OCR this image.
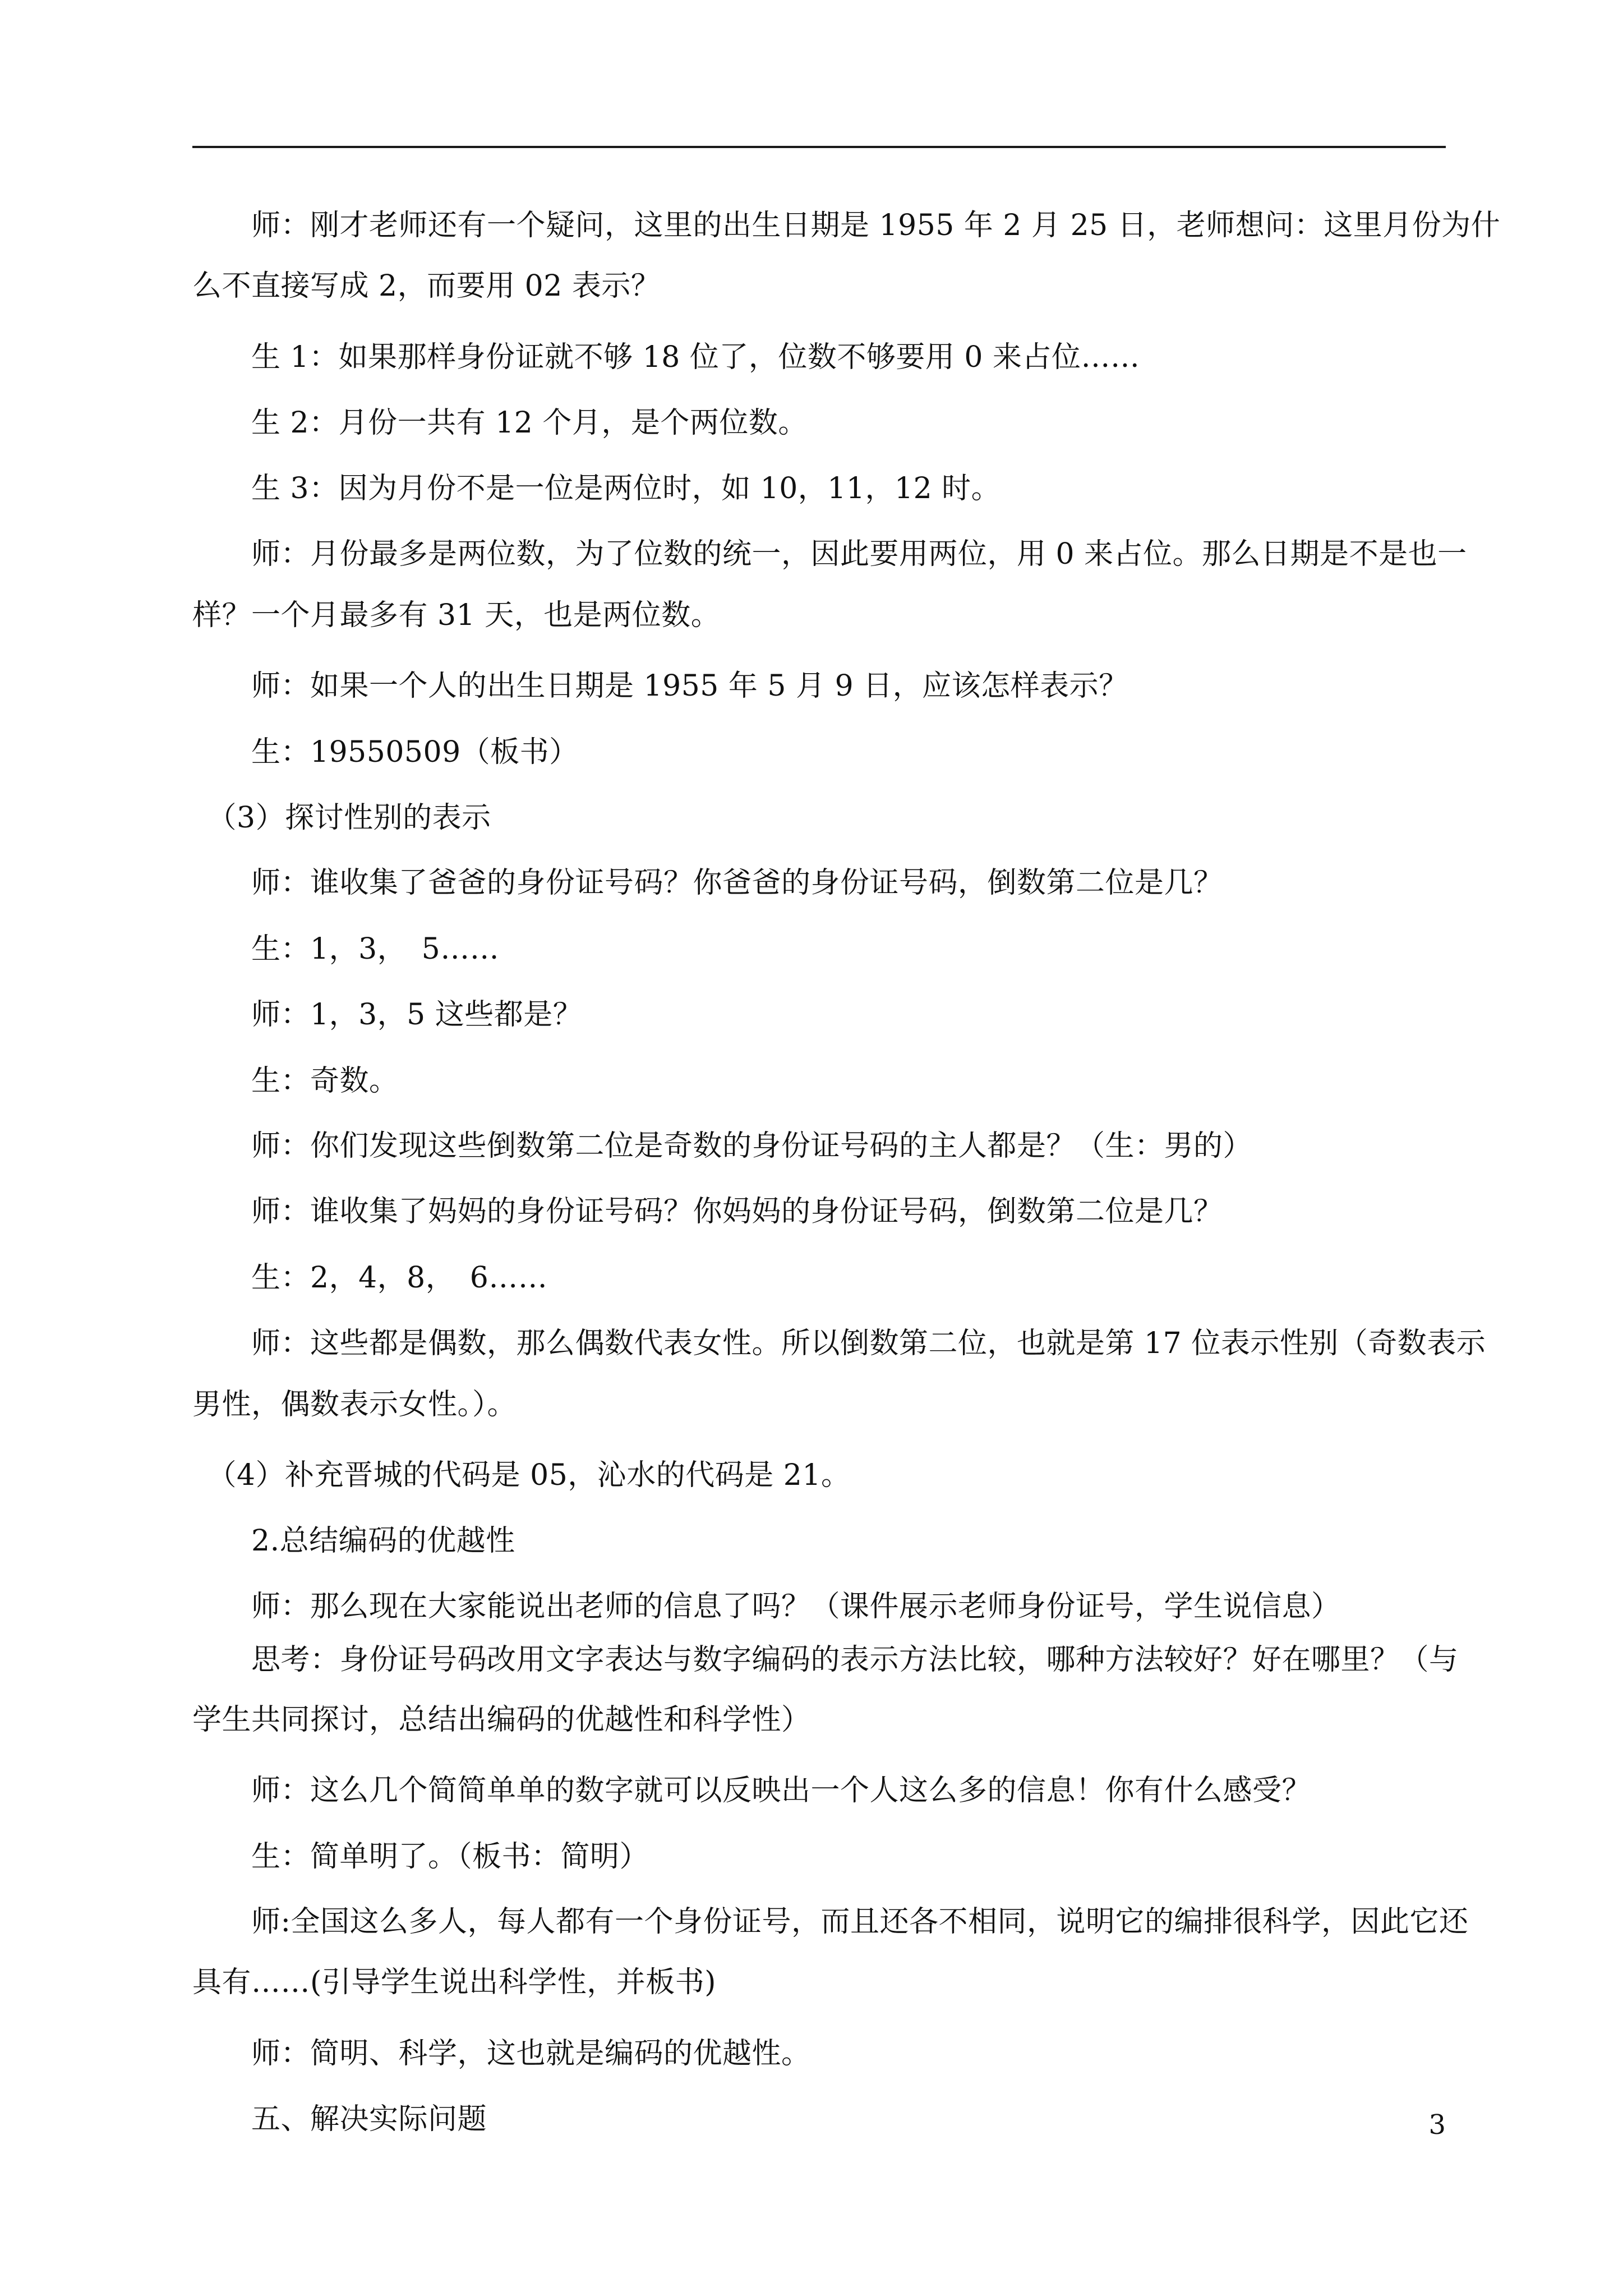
　　师：刚才老师还有一个疑问，这里的出生日期是 1955 年 2 月 25 日，老师想问：这里月份为什
么不直接写成 2，而要用 02 表示？
　　生 1：如果那样身份证就不够 18 位了，位数不够要用 0 来占位……
　　生 2：月份一共有 12 个月，是个两位数。
　　生 3：因为月份不是一位是两位时，如 10，11，12 时。
　　师：月份最多是两位数，为了位数的统一，因此要用两位，用 0 来占位。那么日期是不是也一
样？一个月最多有 31 天，也是两位数。
　　师：如果一个人的出生日期是 1955 年 5 月 9 日，应该怎样表示？
　　生：19550509（板书）
　（3）探讨性别的表示
　　师：谁收集了爸爸的身份证号码？你爸爸的身份证号码，倒数第二位是几？
　　生：1，3，　5……
　　师：1，3，5 这些都是？
　　生：奇数。
　　师：你们发现这些倒数第二位是奇数的身份证号码的主人都是？（生：男的）
　　师：谁收集了妈妈的身份证号码？你妈妈的身份证号码，倒数第二位是几？
　　生：2，4，8，　6……
　　师：这些都是偶数，那么偶数代表女性。所以倒数第二位，也就是第 17 位表示性别（奇数表示
男性，偶数表示女性。）。
　（4）补充晋城的代码是 05，沁水的代码是 21。
　　2.总结编码的优越性
　　师：那么现在大家能说出老师的信息了吗？（课件展示老师身份证号，学生说信息）
　　思考：身份证号码改用文字表达与数字编码的表示方法比较，哪种方法较好？好在哪里？（与
学生共同探讨，总结出编码的优越性和科学性）
　　师：这么几个简简单单的数字就可以反映出一个人这么多的信息！你有什么感受？
　　生：简单明了。（板书：简明）
　　师:全国这么多人，每人都有一个身份证号，而且还各不相同，说明它的编排很科学，因此它还
具有……(引导学生说出科学性，并板书)
　　师：简明、科学，这也就是编码的优越性。
　　五、解决实际问题	3
